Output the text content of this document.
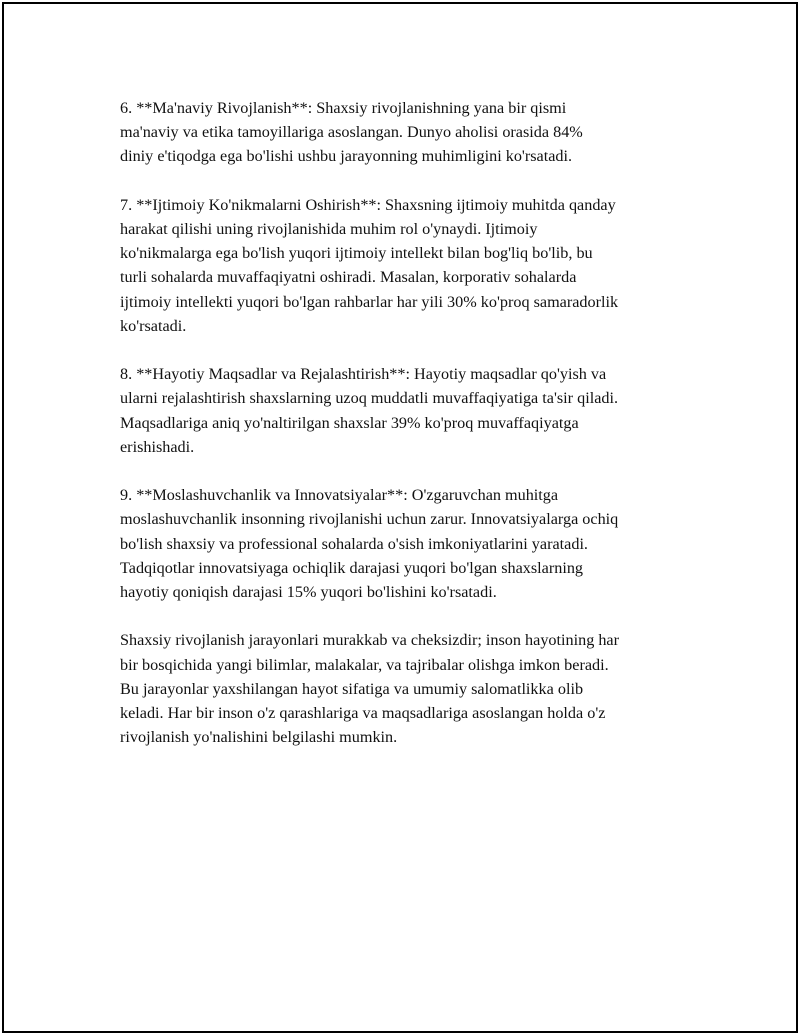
6. **Ma'naviy Rivojlanish**: Shaxsiy rivojlanishning yana bir qismi
ma'naviy va etika tamoyillariga asoslangan. Dunyo aholisi orasida 84%
diniy e'tiqodga ega bo'lishi ushbu jarayonning muhimligini ko'rsatadi.

7. **Ijtimoiy Ko'nikmalarni Oshirish**: Shaxsning ijtimoiy muhitda qanday
harakat qilishi uning rivojlanishida muhim rol o'ynaydi. Ijtimoiy
ko'nikmalarga ega bo'lish yuqori ijtimoiy intellekt bilan bog'liq bo'lib, bu
turli sohalarda muvaffaqiyatni oshiradi. Masalan, korporativ sohalarda
ijtimoiy intellekti yuqori bo'lgan rahbarlar har yili 30% ko'proq samaradorlik
ko'rsatadi.

8. **Hayotiy Maqsadlar va Rejalashtirish**: Hayotiy maqsadlar qo'yish va
ularni rejalashtirish shaxslarning uzoq muddatli muvaffaqiyatiga ta'sir qiladi.
Maqsadlariga aniq yo'naltirilgan shaxslar 39% ko'proq muvaffaqiyatga
erishishadi.

9. **Moslashuvchanlik va Innovatsiyalar**: O'zgaruvchan muhitga
moslashuvchanlik insonning rivojlanishi uchun zarur. Innovatsiyalarga ochiq
bo'lish shaxsiy va professional sohalarda o'sish imkoniyatlarini yaratadi.
Tadqiqotlar innovatsiyaga ochiqlik darajasi yuqori bo'lgan shaxslarning
hayotiy qoniqish darajasi 15% yuqori bo'lishini ko'rsatadi.

Shaxsiy rivojlanish jarayonlari murakkab va cheksizdir; inson hayotining har
bir bosqichida yangi bilimlar, malakalar, va tajribalar olishga imkon beradi.
Bu jarayonlar yaxshilangan hayot sifatiga va umumiy salomatlikka olib
keladi. Har bir inson o'z qarashlariga va maqsadlariga asoslangan holda o'z
rivojlanish yo'nalishini belgilashi mumkin.
